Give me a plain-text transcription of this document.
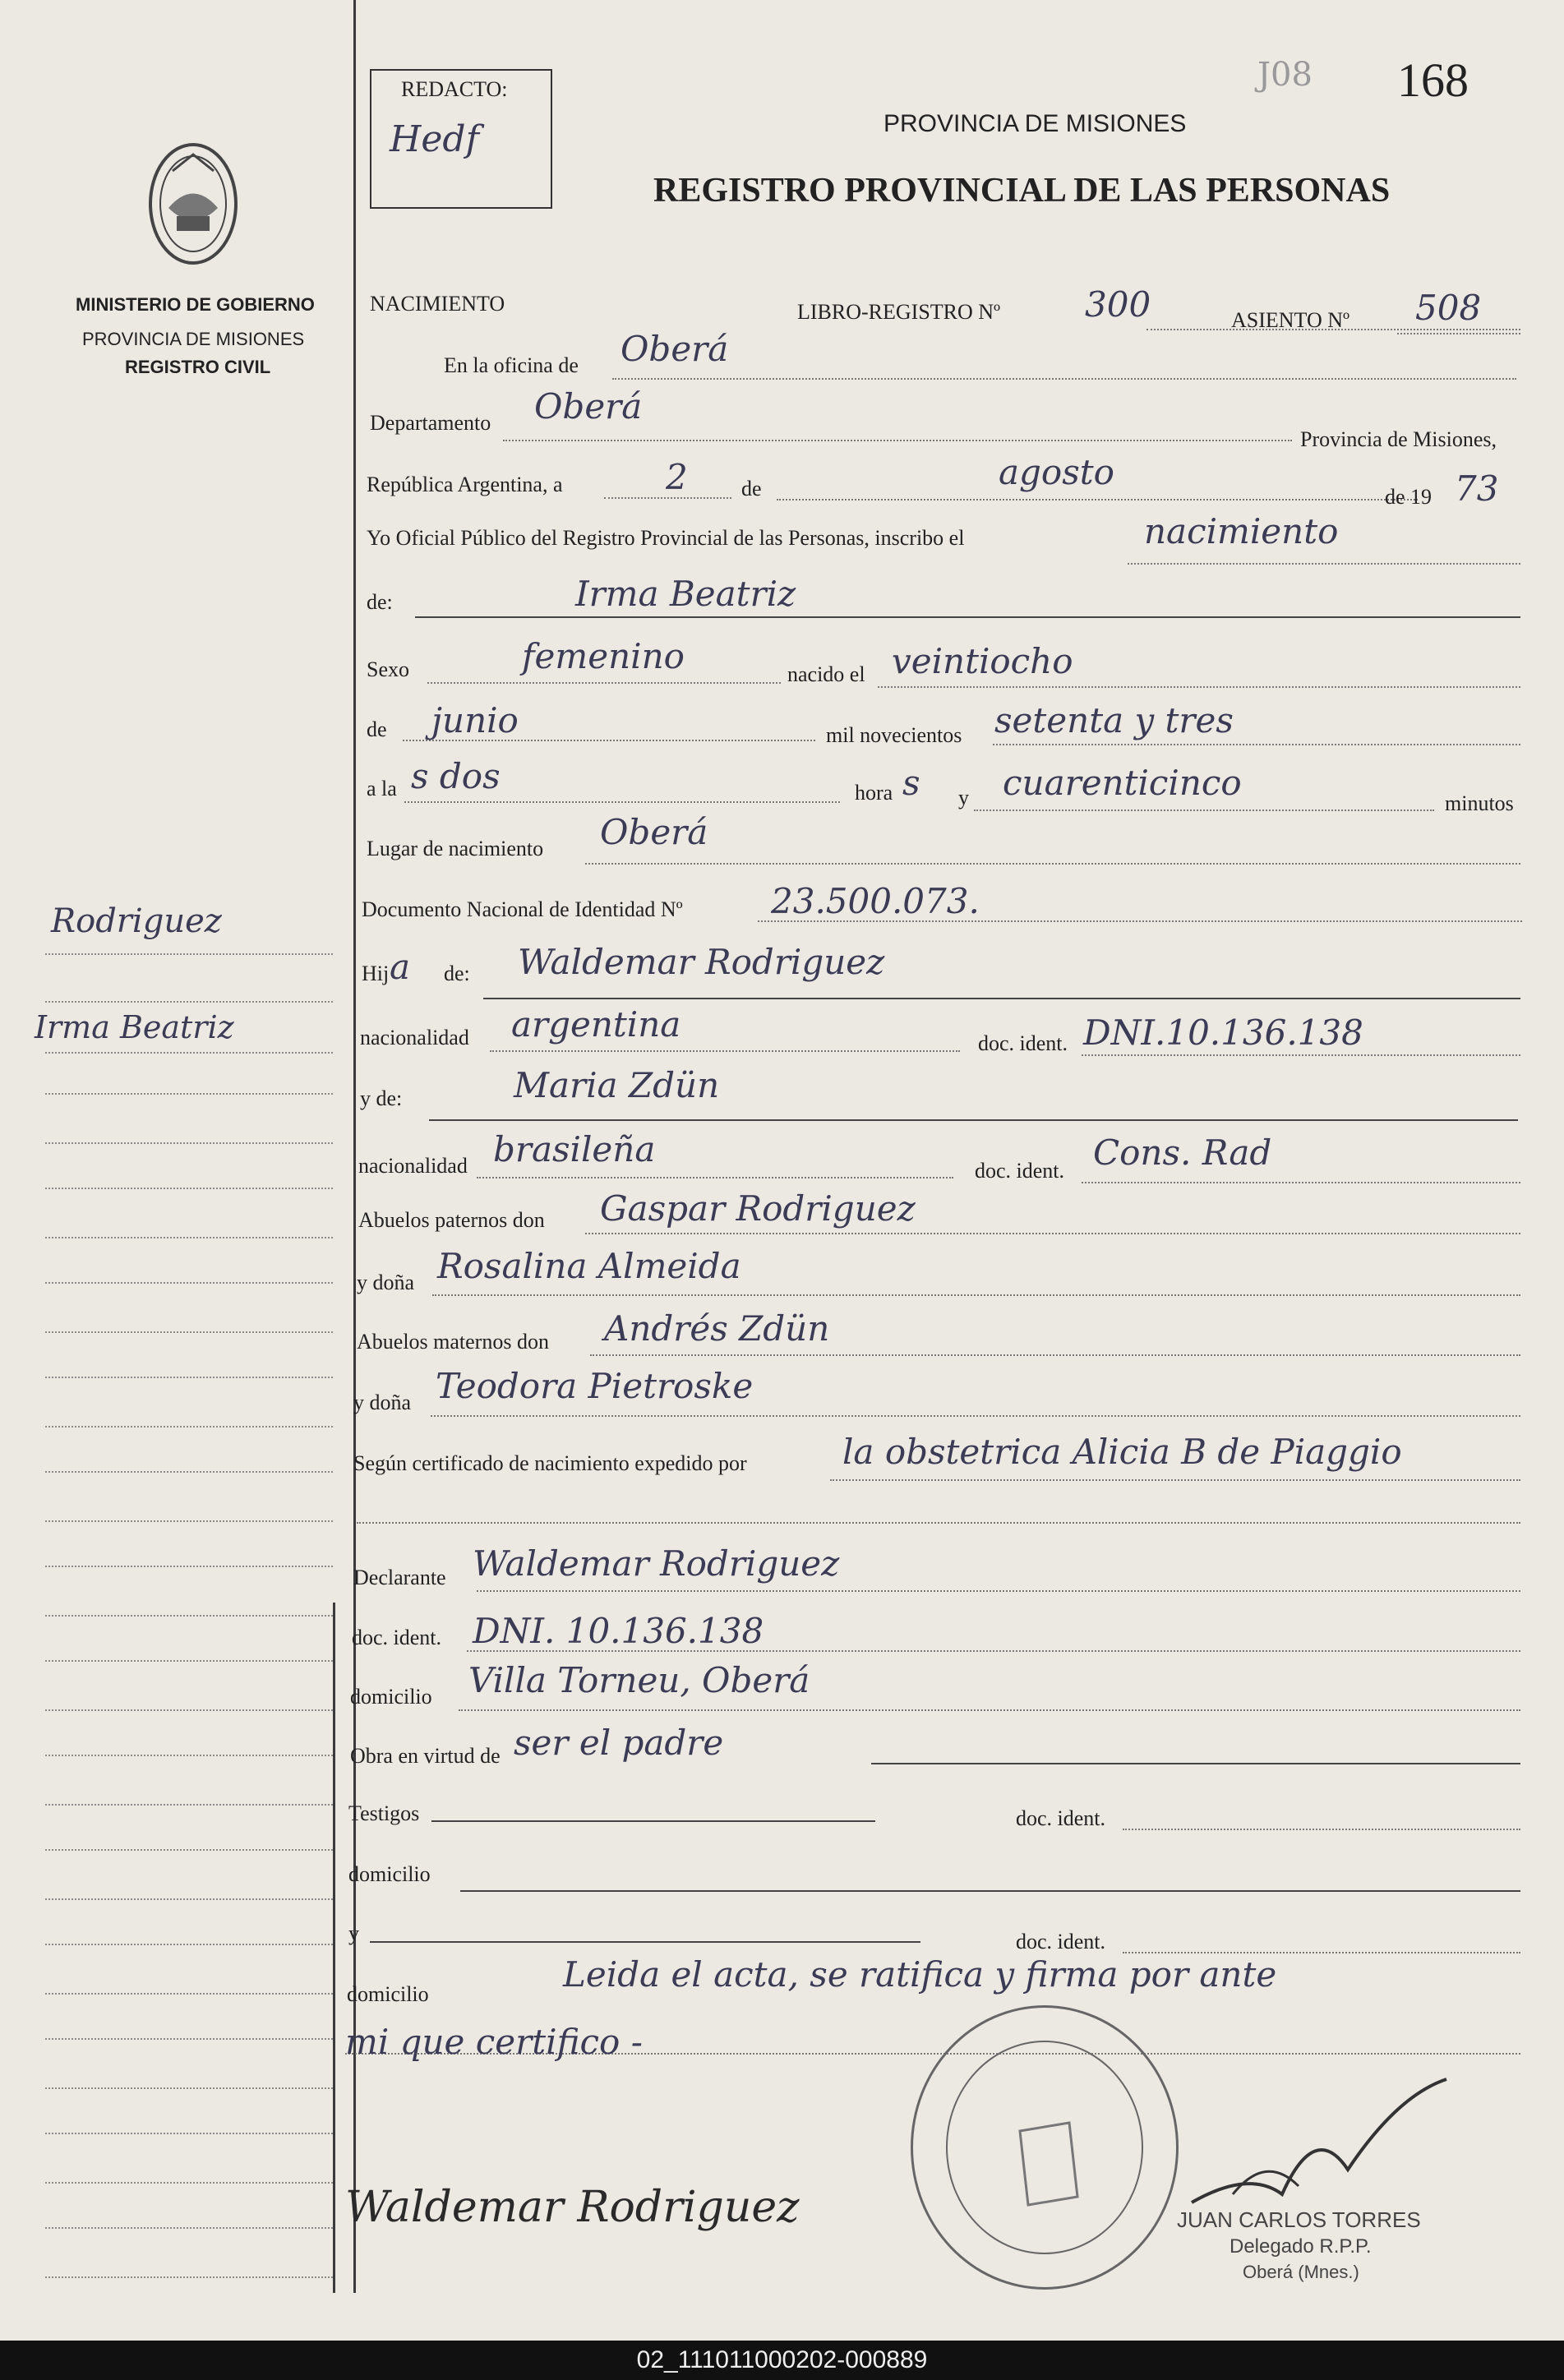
MINISTERIO DE GOBIERNO
PROVINCIA DE MISIONES
REGISTRO CIVIL
Rodriguez
Irma Beatriz
REDACTO:
Hedf
J08 168
PROVINCIA DE MISIONES
REGISTRO PROVINCIAL DE LAS PERSONAS
NACIMIENTO	LIBRO-REGISTRO Nº 300	ASIENTO Nº 508
En la oficina de Oberá
Departamento Oberá
Provincia de Misiones,
República Argentina, a	2	de	agosto
de 19 73
Yo Oficial Público del Registro Provincial de las Personas, inscribo el	nacimiento
de:	Irma Beatriz
Sexo	femenino	nacido el veintiocho
de junio	mil novecientos setenta y tres
a la s dos	hora s y cuarenticinco
minutos
Lugar de nacimiento Oberá
Documento Nacional de Identidad Nº	23.500.073.
Hij a de: Waldemar Rodriguez
nacionalidad argentina	doc. ident. DNI.10.136.138
y de:	Maria Zdün
nacionalidad brasileña
doc. ident. Cons. Rad
Abuelos paternos don Gaspar Rodriguez
y doña Rosalina Almeida
Abuelos maternos don Andrés Zdün
y doña Teodora Pietroske
Según certificado de nacimiento expedido por	la obstetrica Alicia B de Piaggio
Declarante Waldemar Rodriguez
doc. ident. DNI. 10.136.138
domicilio Villa Torneu, Oberá
Obra en virtud de ser el padre
Testigos	doc. ident.
domicilio
y	doc. ident.
domicilio	Leida el acta, se ratifica y firma por ante
mi que certifico -
JUAN CARLOS TORRES
Delegado R.P.P.
Oberá (Mnes.)
Waldemar Rodriguez
02_111011000202-000889
